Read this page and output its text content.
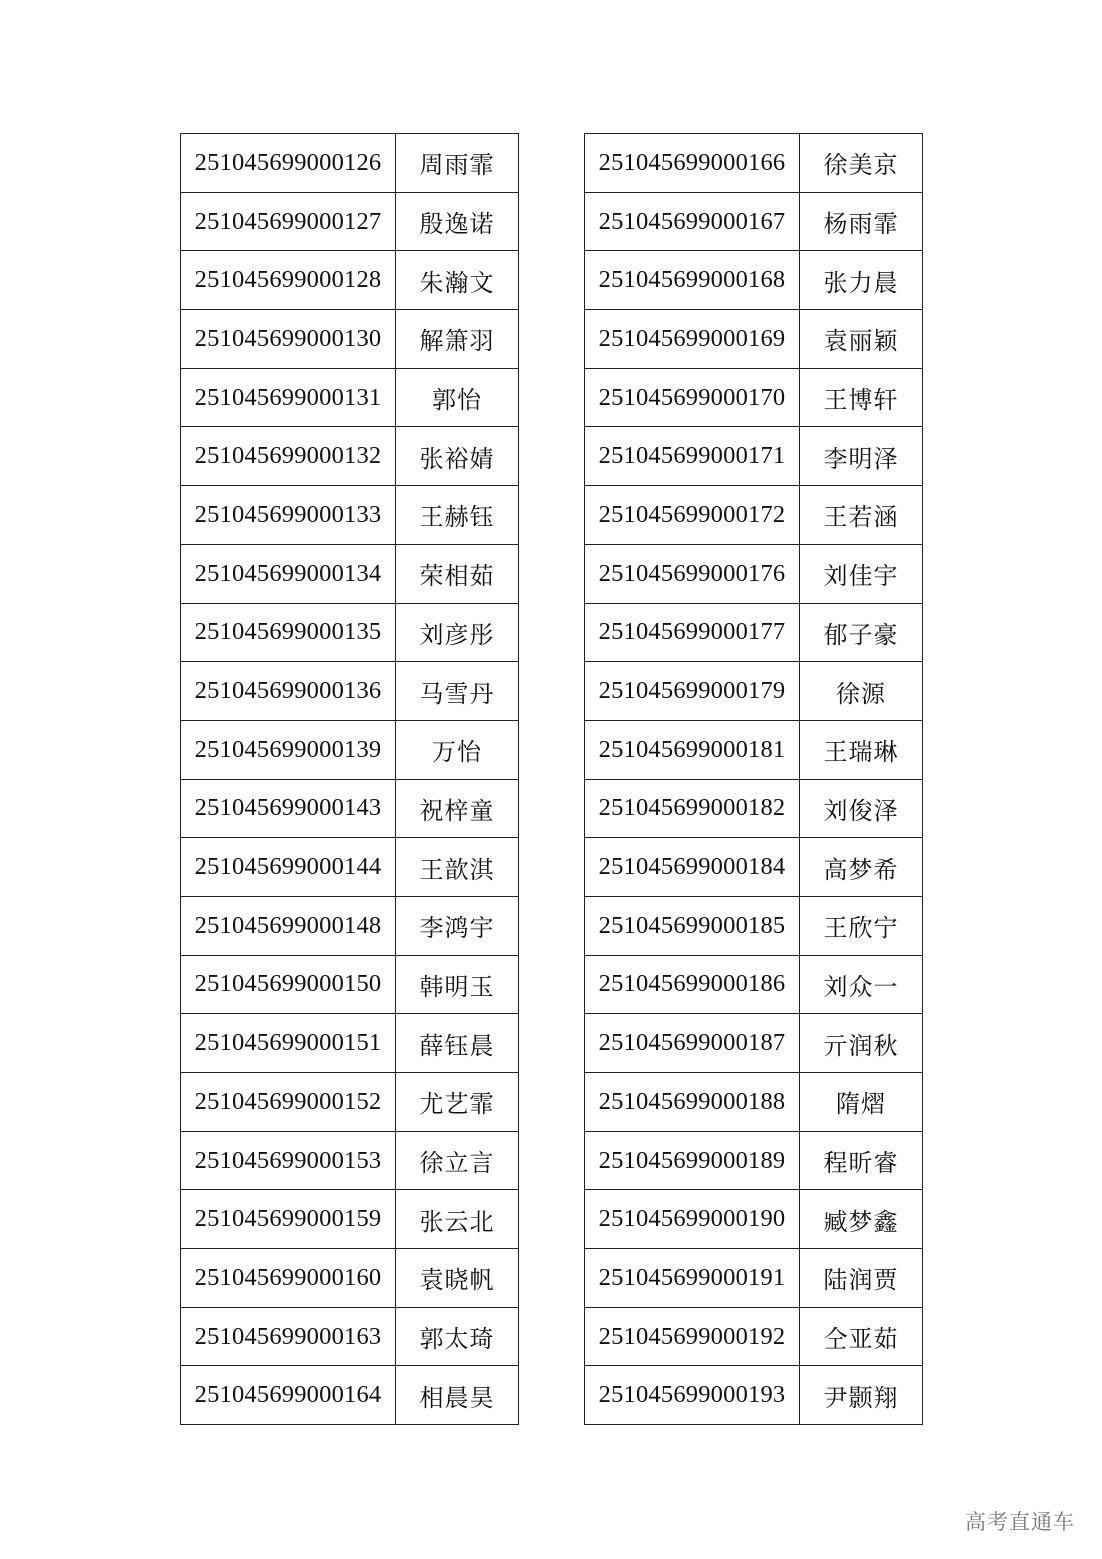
251045699000126	周雨霏
251045699000127	殷逸诺
251045699000128	朱瀚文
251045699000130	解箫羽
251045699000131	郭怡
251045699000132	张裕婧
251045699000133	王赫钰
251045699000134	荣相茹
251045699000135	刘彦彤
251045699000136	马雪丹
251045699000139	万怡
251045699000143	祝梓童
251045699000144	王歆淇
251045699000148	李鸿宇
251045699000150	韩明玉
251045699000151	薛钰晨
251045699000152	尤艺霏
251045699000153	徐立言
251045699000159	张云北
251045699000160	袁晓帆
251045699000163	郭太琦
251045699000164	相晨昊
251045699000166	徐美京
251045699000167	杨雨霏
251045699000168	张力晨
251045699000169	袁丽颖
251045699000170	王博轩
251045699000171	李明泽
251045699000172	王若涵
251045699000176	刘佳宇
251045699000177	郁子豪
251045699000179	徐源
251045699000181	王瑞琳
251045699000182	刘俊泽
251045699000184	高梦希
251045699000185	王欣宁
251045699000186	刘众一
251045699000187	亓润秋
251045699000188	隋熠
251045699000189	程昕睿
251045699000190	臧梦鑫
251045699000191	陆润贾
251045699000192	仝亚茹
251045699000193	尹颢翔
高考直通车
